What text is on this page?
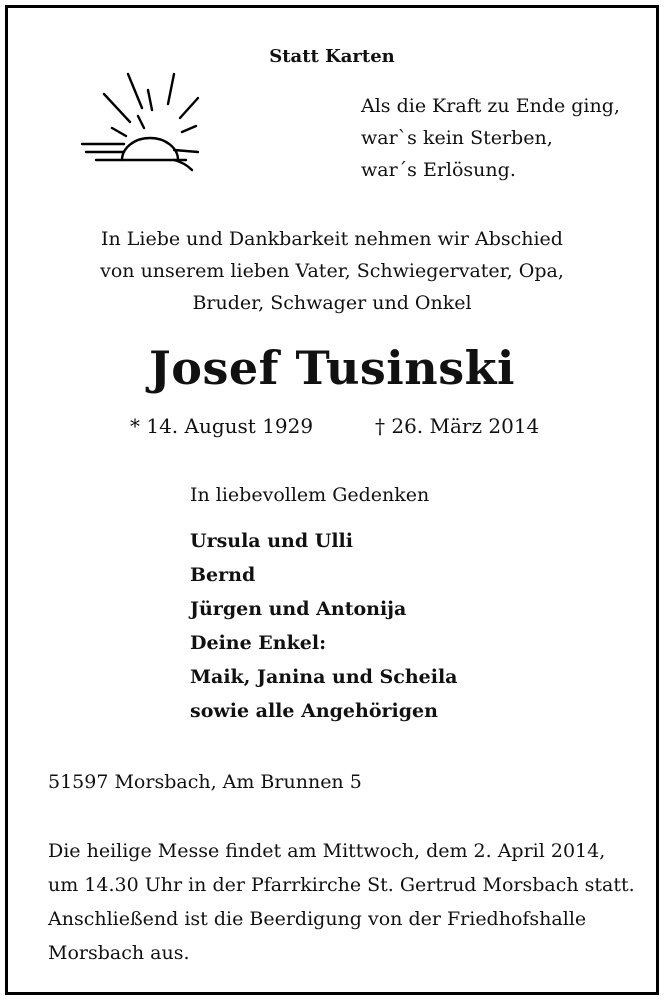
Statt Karten
Als die Kraft zu Ende ging,
war`s kein Sterben,
war´s Erlösung.
In Liebe und Dankbarkeit nehmen wir Abschied
von unserem lieben Vater, Schwiegervater, Opa,
Bruder, Schwager und Onkel
Josef Tusinski
* 14. August 1929	† 26. März 2014
In liebevollem Gedenken
Ursula und Ulli
Bernd
Jürgen und Antonija
Deine Enkel:
Maik, Janina und Scheila
sowie alle Angehörigen
51597 Morsbach, Am Brunnen 5
Die heilige Messe findet am Mittwoch, dem 2. April 2014,
um 14.30 Uhr in der Pfarrkirche St. Gertrud Morsbach statt.
Anschließend ist die Beerdigung von der Friedhofshalle
Morsbach aus.
